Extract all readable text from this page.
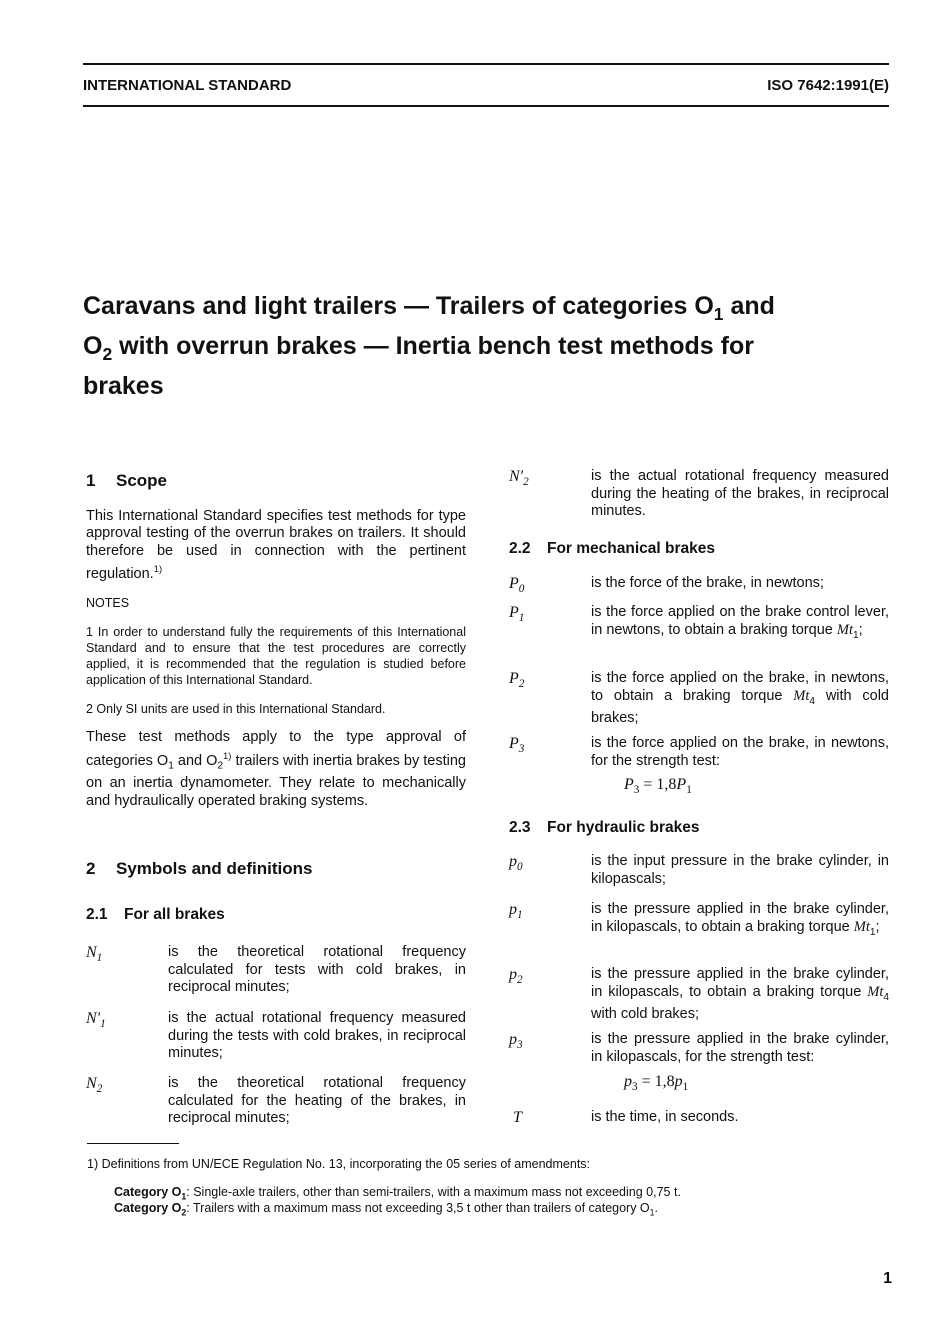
INTERNATIONAL STANDARD	ISO 7642:1991(E)
Caravans and light trailers — Trailers of categories $O_1$ and
$O_2$ with overrun brakes — Inertia bench test methods for
brakes

1 Scope

This International Standard specifies test methods for type approval testing of the overrun brakes on trailers. It should therefore be used in connection with the pertinent regulation.$^{1)}$

NOTES

1 In order to understand fully the requirements of this International Standard and to ensure that the test procedures are correctly applied, it is recommended that the regulation is studied before application of this International Standard.

2 Only SI units are used in this International Standard.

These test methods apply to the type approval of categories $O_1$ and $O_2^{1)}$ trailers with inertia brakes by testing on an inertia dynamometer. They relate to mechanically and hydraulically operated braking systems.

2 Symbols and definitions

2.1 For all brakes

$N_1$	is the theoretical rotational frequency calculated for tests with cold brakes, in reciprocal minutes;
$N'_1$	is the actual rotational frequency measured during the tests with cold brakes, in reciprocal minutes;
$N_2$	is the theoretical rotational frequency calculated for the heating of the brakes, in reciprocal minutes;
$N'_2$	is the actual rotational frequency measured during the heating of the brakes, in reciprocal minutes.

2.2 For mechanical brakes

$P_0$	is the force of the brake, in newtons;
$P_1$	is the force applied on the brake control lever, in newtons, to obtain a braking torque $Mt_1$;
$P_2$	is the force applied on the brake, in newtons, to obtain a braking torque $Mt_4$ with cold brakes;
$P_3$	is the force applied on the brake, in newtons, for the strength test:
$P_3 = 1,8P_1$

2.3 For hydraulic brakes

$p_0$	is the input pressure in the brake cylinder, in kilopascals;
$p_1$	is the pressure applied in the brake cylinder, in kilopascals, to obtain a braking torque $Mt_1$;
$p_2$	is the pressure applied in the brake cylinder, in kilopascals, to obtain a braking torque $Mt_4$ with cold brakes;
$p_3$	is the pressure applied in the brake cylinder, in kilopascals, for the strength test:
$p_3 = 1,8p_1$
T	is the time, in seconds.
1) Definitions from UN/ECE Regulation No. 13, incorporating the 05 series of amendments:
Category $O_1$: Single-axle trailers, other than semi-trailers, with a maximum mass not exceeding 0,75 t.
Category $O_2$: Trailers with a maximum mass not exceeding 3,5 t other than trailers of category $O_1$.
1
